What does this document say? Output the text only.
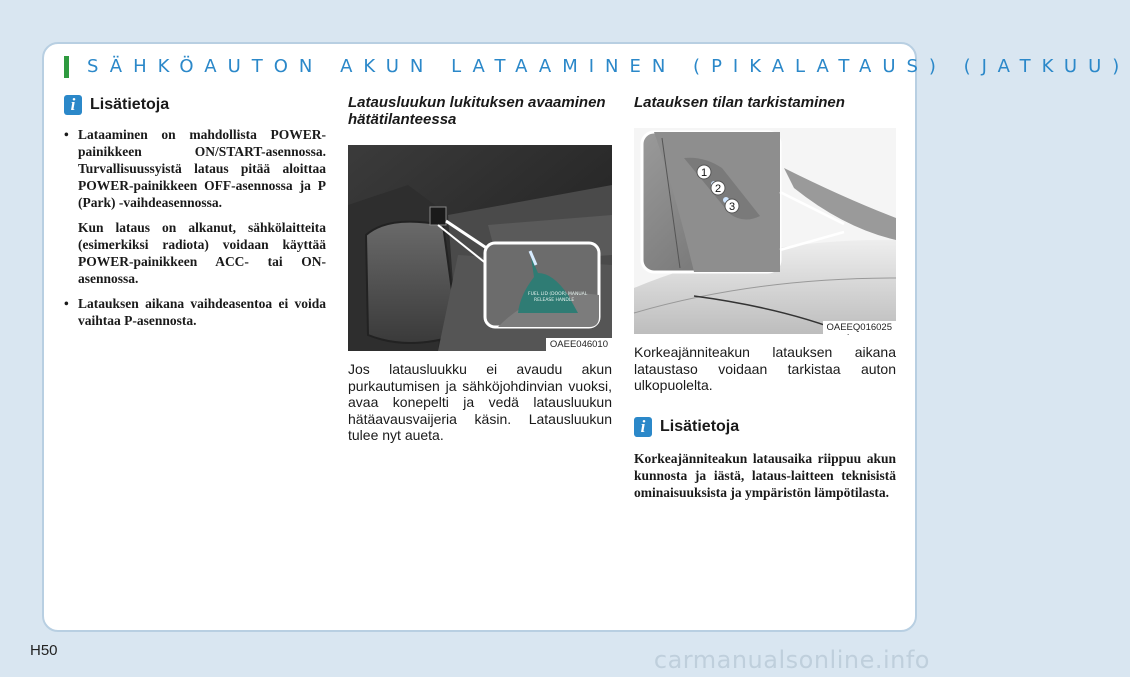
SÄHKÖAUTON AKUN LATAAMINEN (PIKALATAUS) (JATKUU)
i Lisätietoja
• Lataaminen on mahdollista POWER-painikkeen ON/START-asennossa. Turvallisuussyistä lataus pitää aloittaa POWER-painikkeen OFF-asennossa ja P (Park) -vaihdeasennossa.

Kun lataus on alkanut, sähkölaitteita (esimerkiksi radiota) voidaan käyttää POWER-painikkeen ACC- tai ON-asennossa.

• Latauksen aikana vaihdeasentoa ei voida vaihtaa P-asennosta.
Latausluukun lukituksen avaaminen hätätilanteessa
FUEL LID (DOOR) MANUAL
RELEASE HANDLE
OAEE046010

Jos latausluukku ei avaudu akun purkautumisen ja sähköjohdinvian vuoksi, avaa konepelti ja vedä latausluukun hätäavausvaijeria käsin. Latausluukun tulee nyt aueta.

Latauksen tilan tarkistaminen
1
2
3
OAEEQ016025

Korkeajänniteakun latauksen aikana lataustaso voidaan tarkistaa auton ulkopuolelta.

i Lisätietoja

Korkeajänniteakun latausaika riippuu akun kunnosta ja iästä, lataus-laitteen teknisistä ominaisuuksista ja ympäristön lämpötilasta.

H50	carmanualsonline.info
